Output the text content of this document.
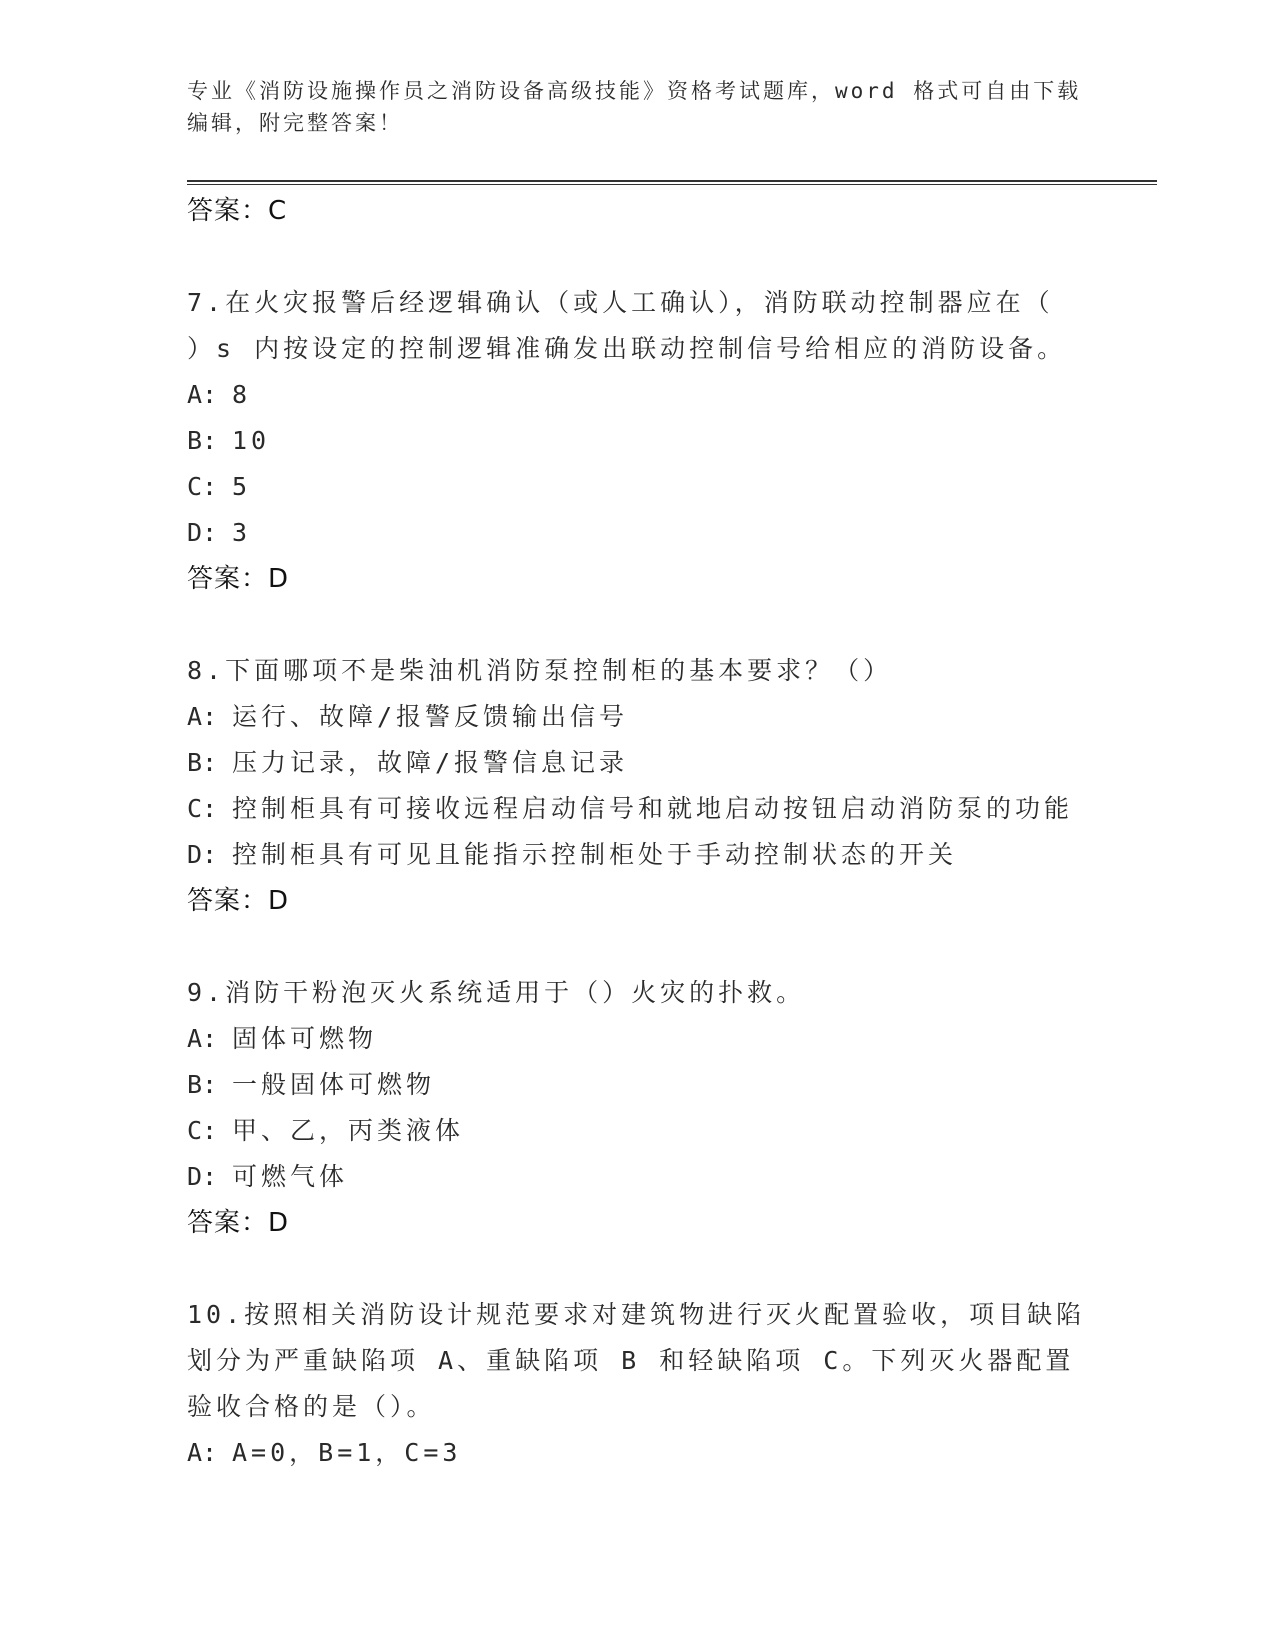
专业《消防设施操作员之消防设备高级技能》资格考试题库，word 格式可自由下载编辑，附完整答案！
答案：C
7.在火灾报警后经逻辑确认（或人工确认），消防联动控制器应在（ ）s 内按设定的控制逻辑准确发出联动控制信号给相应的消防设备。
A: 8
B: 10
C: 5
D: 3
答案：D
8.下面哪项不是柴油机消防泵控制柜的基本要求？（）
A: 运行、故障/报警反馈输出信号
B: 压力记录，故障/报警信息记录
C: 控制柜具有可接收远程启动信号和就地启动按钮启动消防泵的功能
D: 控制柜具有可见且能指示控制柜处于手动控制状态的开关
答案：D
9.消防干粉泡灭火系统适用于（）火灾的扑救。
A: 固体可燃物
B: 一般固体可燃物
C: 甲、乙，丙类液体
D: 可燃气体
答案：D
10.按照相关消防设计规范要求对建筑物进行灭火配置验收，项目缺陷划分为严重缺陷项 A、重缺陷项 B 和轻缺陷项 C。下列灭火器配置验收合格的是（）。
A: A=0，B=1，C=3
